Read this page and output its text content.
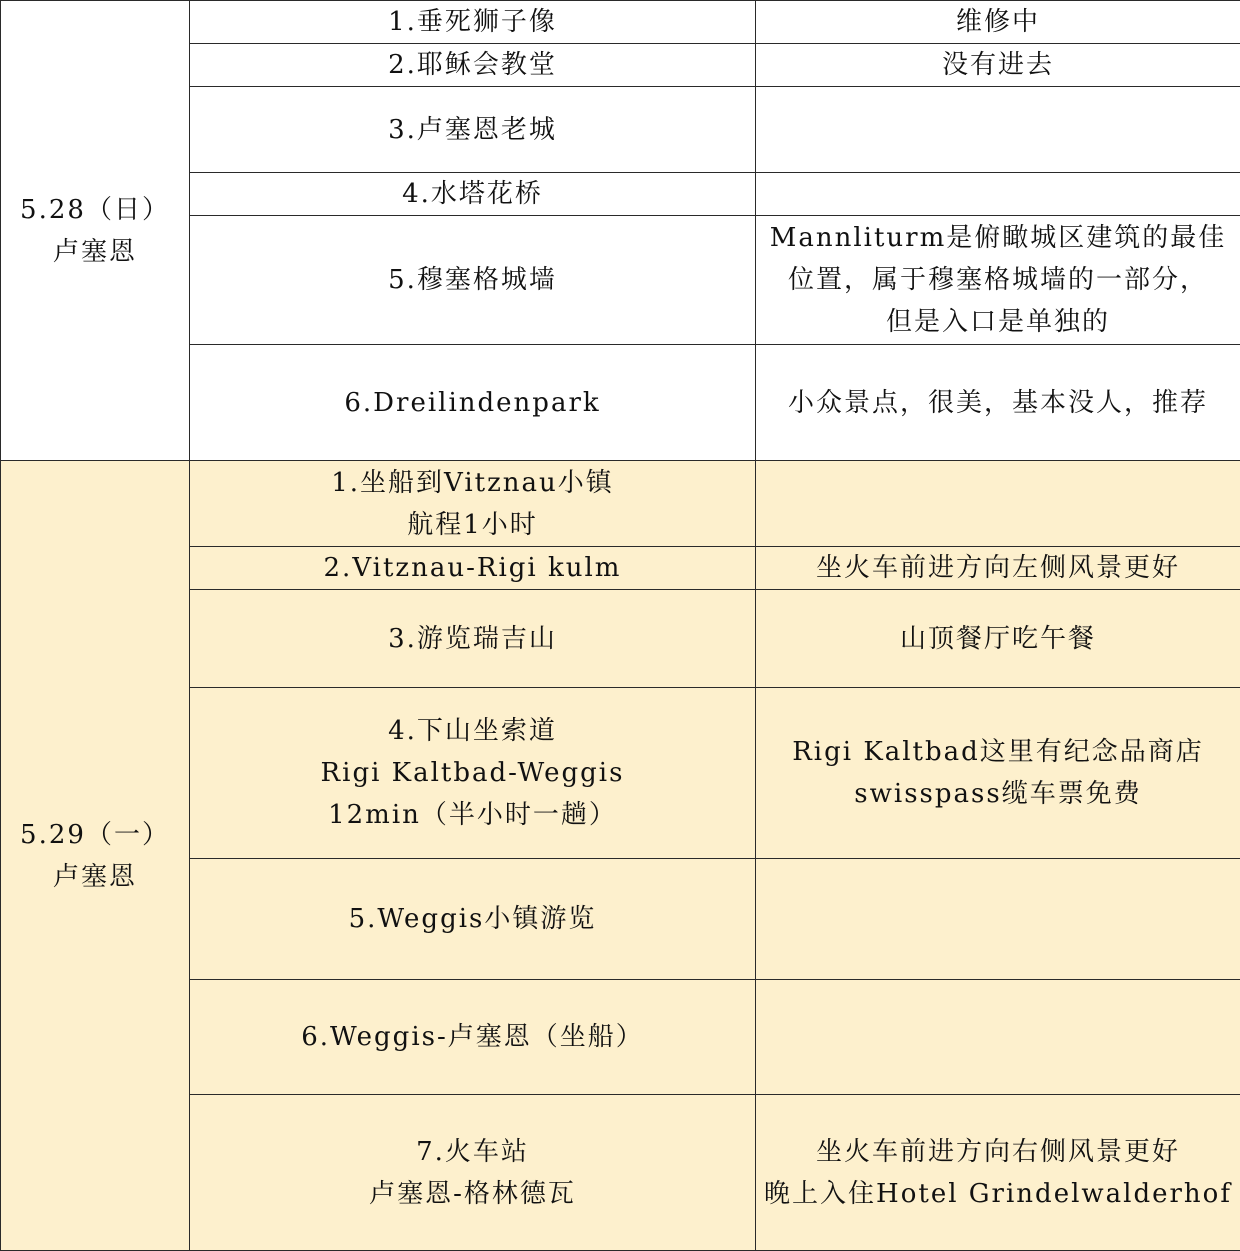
5.28（日）
卢塞恩	1.垂死狮子像	维修中

	2.耶稣会教堂	没有进去

	3.卢塞恩老城	

	4.水塔花桥	

	5.穆塞格城墙	Mannliturm是俯瞰城区建筑的最佳
位置，属于穆塞格城墙的一部分，
但是入口是单独的

	6.Dreilindenpark	小众景点，很美，基本没人，推荐

5.29（一）
卢塞恩	1.坐船到Vitznau小镇
航程1小时	

	2.Vitznau-Rigi kulm	坐火车前进方向左侧风景更好

	3.游览瑞吉山	山顶餐厅吃午餐

	4.下山坐索道
Rigi Kaltbad-Weggis
12min（半小时一趟）	Rigi Kaltbad这里有纪念品商店
swisspass缆车票免费

	5.Weggis小镇游览	

	6.Weggis-卢塞恩（坐船）	

	7.火车站
卢塞恩-格林德瓦	坐火车前进方向右侧风景更好
晚上入住Hotel Grindelwalderhof
